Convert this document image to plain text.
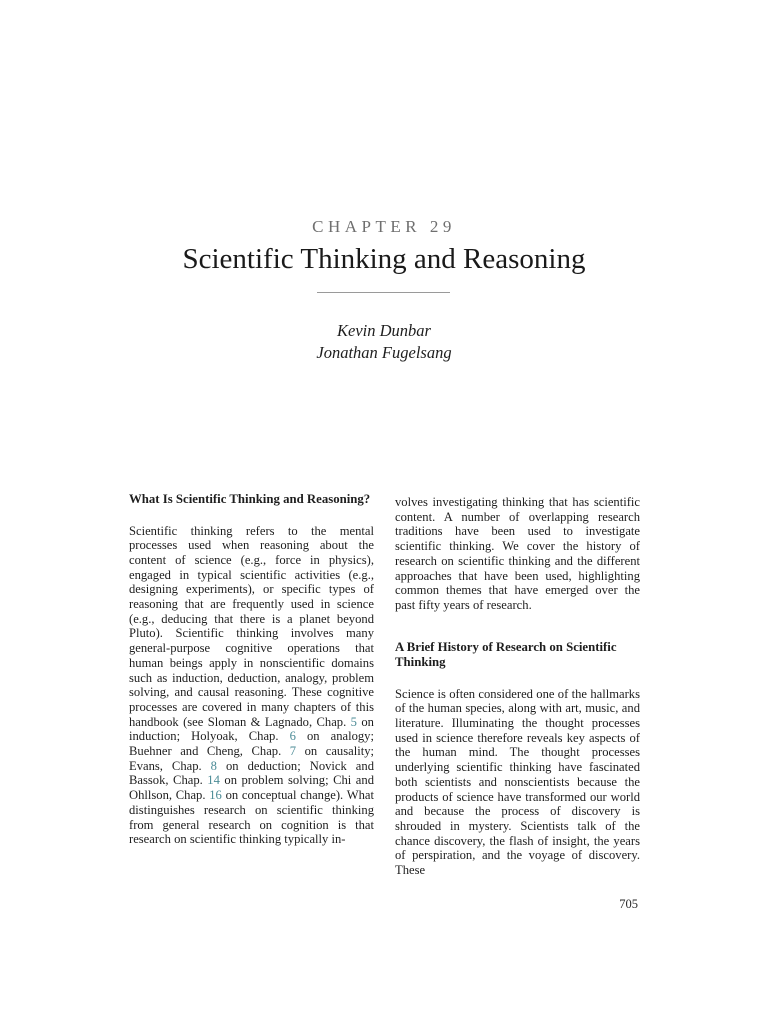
CHAPTER 29
Scientific Thinking and Reasoning
Kevin Dunbar
Jonathan Fugelsang
What Is Scientific Thinking and Reasoning?

Scientific thinking refers to the mental processes used when reasoning about the content of science (e.g., force in physics), engaged in typical scientific activities (e.g., designing experiments), or specific types of reasoning that are frequently used in science (e.g., deducing that there is a planet beyond Pluto). Scientific thinking involves many general-purpose cognitive operations that human beings apply in nonscientific domains such as induction, deduction, analogy, problem solving, and causal reasoning. These cognitive processes are covered in many chapters of this handbook (see Sloman & Lagnado, Chap. 5 on induction; Holyoak, Chap. 6 on analogy; Buehner and Cheng, Chap. 7 on causality; Evans, Chap. 8 on deduction; Novick and Bassok, Chap. 14 on problem solving; Chi and Ohllson, Chap. 16 on conceptual change). What distinguishes research on scientific thinking from general research on cognition is that research on scientific thinking typically in-

volves investigating thinking that has scientific content. A number of overlapping research traditions have been used to investigate scientific thinking. We cover the history of research on scientific thinking and the different approaches that have been used, highlighting common themes that have emerged over the past fifty years of research.

A Brief History of Research on Scientific Thinking

Science is often considered one of the hallmarks of the human species, along with art, music, and literature. Illuminating the thought processes used in science therefore reveals key aspects of the human mind. The thought processes underlying scientific thinking have fascinated both scientists and nonscientists because the products of science have transformed our world and because the process of discovery is shrouded in mystery. Scientists talk of the chance discovery, the flash of insight, the years of perspiration, and the voyage of discovery. These

705
